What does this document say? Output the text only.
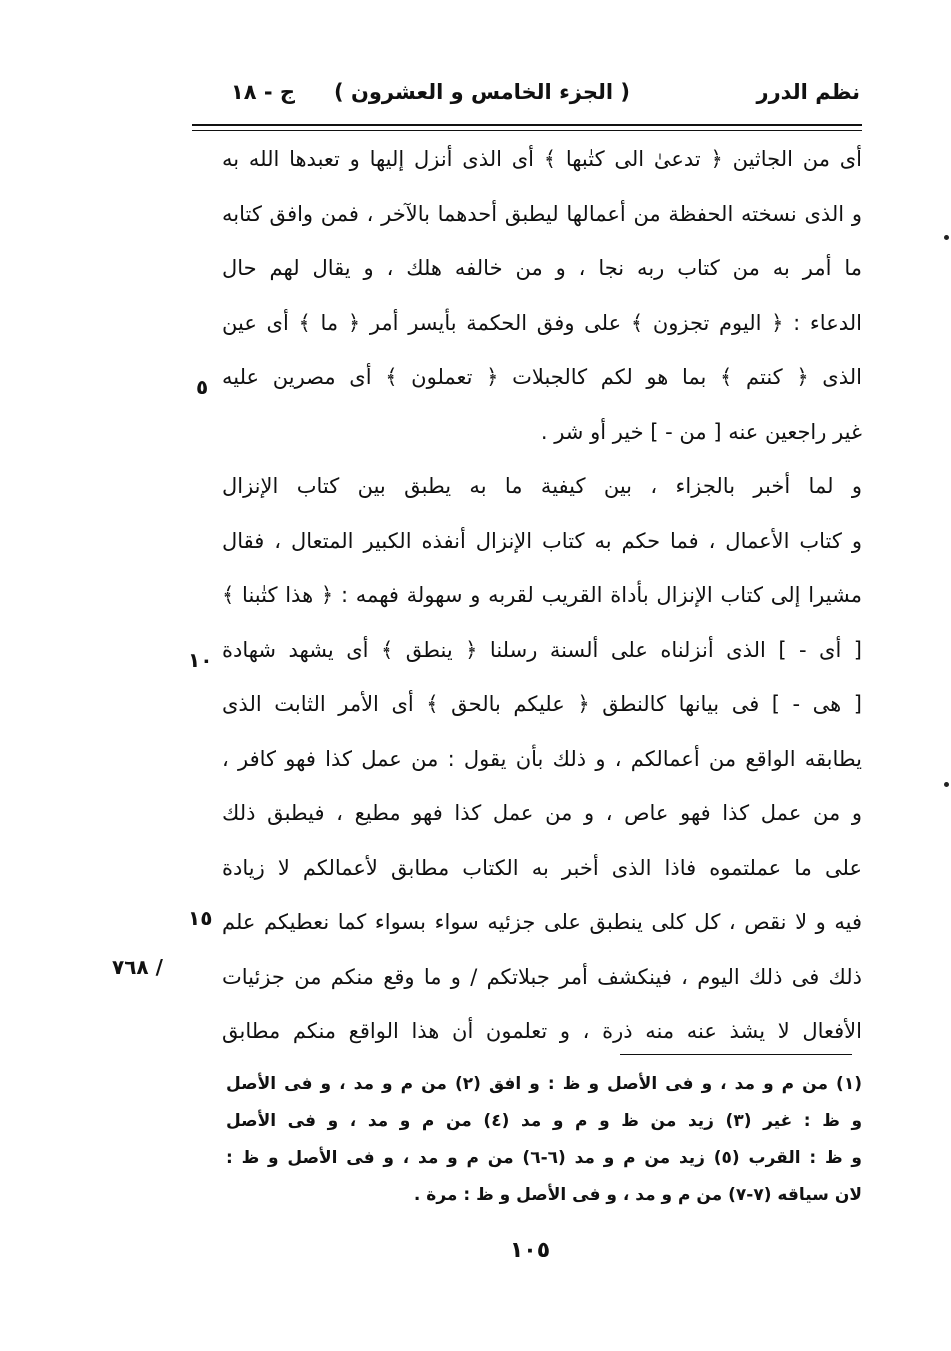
نظم الدرر
( الجزء الخامس و العشرون )
ج - ١٨
أى من الجاثين ﴿ تدعىٰ الى كتٰبها ﴾ أى الذى أنزل إليها و تعبدها الله به
و الذى نسخته الحفظة من أعمالها ليطبق أحدهما بالآخر ، فمن وافق كتابه
ما أمر به من كتاب ربه نجا ، و من خالفه هلك ، و يقال لهم حال
الدعاء : ﴿ اليوم تجزون ﴾ على وفق الحكمة بأيسر أمر ﴿ ما ﴾ أى عين
الذى ﴿ كنتم ﴾ بما هو لكم كالجبلات ﴿ تعملون ﴾ أى مصرين عليه
غير راجعين عنه [ من - ] خير أو شر .
و لما أخبر بالجزاء ، بين كيفية ما به يطبق بين كتاب الإنزال
و كتاب الأعمال ، فما حكم به كتاب الإنزال أنفذه الكبير المتعال ، فقال
مشيرا إلى كتاب الإنزال بأداة القريب لقربه و سهولة فهمه : ﴿ هذا كتٰبنا ﴾
[ أى - ] الذى أنزلناه على ألسنة رسلنا ﴿ ينطق ﴾ أى يشهد شهادة
[ هى - ] فى بيانها كالنطق ﴿ عليكم بالحق ﴾ أى الأمر الثابت الذى
يطابقه الواقع من أعمالكم ، و ذلك بأن يقول : من عمل كذا فهو كافر ،
و من عمل كذا فهو عاص ، و من عمل كذا فهو مطيع ، فيطبق ذلك
على ما عملتموه فاذا الذى أخبر به الكتاب مطابق لأعمالكم لا زيادة
فيه و لا نقص ، كل كلى ينطبق على جزئيه سواء بسواء كما نعطيكم علم
ذلك فى ذلك اليوم ، فينكشف أمر جبلاتكم / و ما وقع منكم من جزئيات
الأفعال لا يشذ عنه منه ذرة ، و تعلمون أن هذا الواقع منكم مطابق
٥
١٠
١٥
/ ٧٦٨
(١) من م و مد ، و فى الأصل و ظ : و افق (٢) من م و مد ، و فى الأصل
و ظ : غير (٣) زيد من ظ و م و مد (٤) من م و مد ، و فى الأصل
و ظ : القرب (٥) زيد من م و مد (٦-٦) من م و مد ، و فى الأصل و ظ :
لان سياقه (٧-٧) من م و مد ، و فى الأصل و ظ : مرة .
١٠٥
